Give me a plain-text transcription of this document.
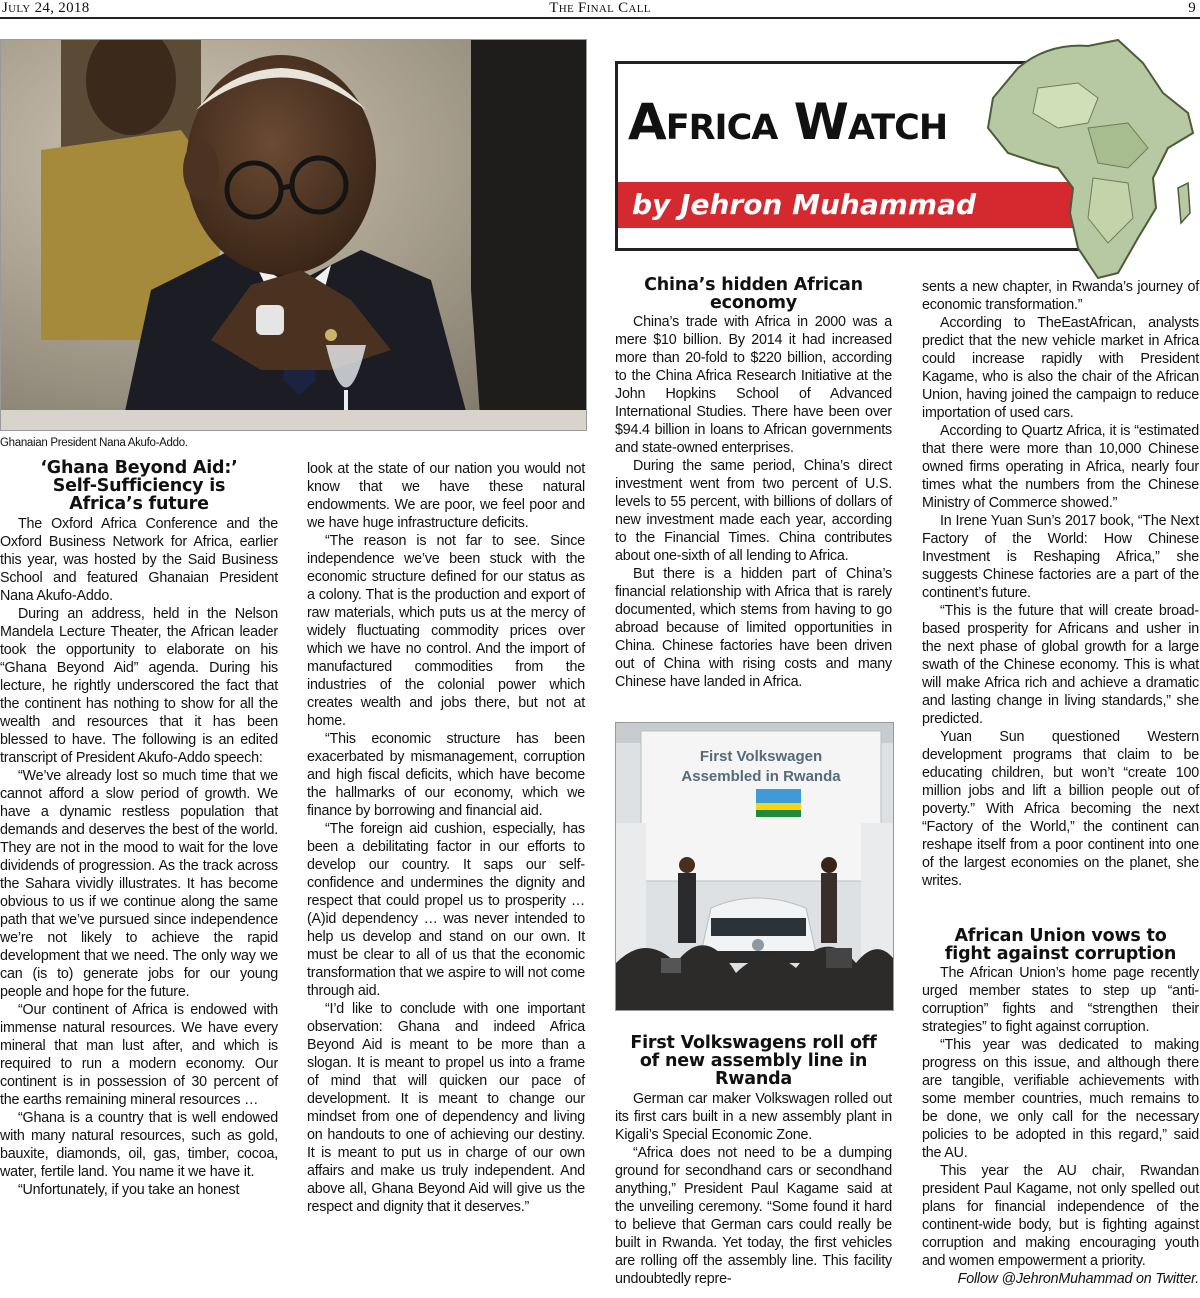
July 24, 2018	The Final Call	9
Ghanaian President Nana Akufo-Addo.
Africa Watch
by Jehron Muhammad
‘Ghana Beyond Aid:’ Self-Sufficiency is Africa’s future

The Oxford Africa Conference and the Oxford Business Network for Africa, earlier this year, was hosted by the Said Business School and featured Ghanaian President Nana Akufo-Addo.

During an address, held in the Nelson Mandela Lecture Theater, the African leader took the opportunity to elaborate on his “Ghana Beyond Aid” agenda. During his lecture, he rightly underscored the fact that the continent has nothing to show for all the wealth and resources that it has been blessed to have. The following is an edited transcript of President Akufo-Addo speech:

“We’ve already lost so much time that we cannot afford a slow period of growth. We have a dynamic restless population that demands and deserves the best of the world. They are not in the mood to wait for the love dividends of progression. As the track across the Sahara vividly illustrates. It has become obvious to us if we continue along the same path that we’ve pursued since independence we’re not likely to achieve the rapid development that we need. The only way we can (is to) generate jobs for our young people and hope for the future.

“Our continent of Africa is endowed with immense natural resources. We have every mineral that man lust after, and which is required to run a modern economy. Our continent is in possession of 30 percent of the earths remaining mineral resources …

“Ghana is a country that is well endowed with many natural resources, such as gold, bauxite, diamonds, oil, gas, timber, cocoa, water, fertile land. You name it we have it.

“Unfortunately, if you take an honest

look at the state of our nation you would not know that we have these natural endowments. We are poor, we feel poor and we have huge infrastructure deficits.

“The reason is not far to see. Since independence we’ve been stuck with the economic structure defined for our status as a colony. That is the production and export of raw materials, which puts us at the mercy of widely fluctuating commodity prices over which we have no control. And the import of manufactured commodities from the industries of the colonial power which creates wealth and jobs there, but not at home.

“This economic structure has been exacerbated by mismanagement, corruption and high fiscal deficits, which have become the hallmarks of our economy, which we finance by borrowing and financial aid.

“The foreign aid cushion, especially, has been a debilitating factor in our efforts to develop our country. It saps our self-confidence and undermines the dignity and respect that could propel us to prosperity … (A)id dependency … was never intended to help us develop and stand on our own. It must be clear to all of us that the economic transformation that we aspire to will not come through aid.

“I’d like to conclude with one important observation: Ghana and indeed Africa Beyond Aid is meant to be more than a slogan. It is meant to propel us into a frame of mind that will quicken our pace of development. It is meant to change our mindset from one of dependency and living on handouts to one of achieving our destiny. It is meant to put us in charge of our own affairs and make us truly independent. And above all, Ghana Beyond Aid will give us the respect and dignity that it deserves.”

China’s hidden African economy

China’s trade with Africa in 2000 was a mere $10 billion. By 2014 it had increased more than 20-fold to $220 billion, according to the China Africa Research Initiative at the John Hopkins School of Advanced International Studies. There have been over $94.4 billion in loans to African governments and state-owned enterprises.

During the same period, China’s direct investment went from two percent of U.S. levels to 55 percent, with billions of dollars of new investment made each year, according to the Financial Times. China contributes about one-sixth of all lending to Africa.

But there is a hidden part of China’s financial relationship with Africa that is rarely documented, which stems from having to go abroad because of limited opportunities in China. Chinese factories have been driven out of China with rising costs and many Chinese have landed in Africa.

First Volkswagen
Assembled in Rwanda
First Volkswagens roll off of new assembly line in Rwanda

German car maker Volkswagen rolled out its first cars built in a new assembly plant in Kigali’s Special Economic Zone.

“Africa does not need to be a dumping ground for secondhand cars or secondhand anything,” President Paul Kagame said at the unveiling ceremony. “Some found it hard to believe that German cars could really be built in Rwanda. Yet today, the first vehicles are rolling off the assembly line. This facility undoubtedly repre-

sents a new chapter, in Rwanda’s journey of economic transformation.”

According to TheEastAfrican, analysts predict that the new vehicle market in Africa could increase rapidly with President Kagame, who is also the chair of the African Union, having joined the campaign to reduce importation of used cars.

According to Quartz Africa, it is “estimated that there were more than 10,000 Chinese owned firms operating in Africa, nearly four times what the numbers from the Chinese Ministry of Commerce showed.”

In Irene Yuan Sun’s 2017 book, “The Next Factory of the World: How Chinese Investment is Reshaping Africa,” she suggests Chinese factories are a part of the continent’s future.

“This is the future that will create broad-based prosperity for Africans and usher in the next phase of global growth for a large swath of the Chinese economy. This is what will make Africa rich and achieve a dramatic and lasting change in living standards,” she predicted.

Yuan Sun questioned Western development programs that claim to be educating children, but won’t “create 100 million jobs and lift a billion people out of poverty.” With Africa becoming the next “Factory of the World,” the continent can reshape itself from a poor continent into one of the largest economies on the planet, she writes.

African Union vows to fight against corruption

The African Union’s home page recently urged member states to step up “anti-corruption” fights and “strengthen their strategies” to fight against corruption.

“This year was dedicated to making progress on this issue, and although there are tangible, verifiable achievements with some member countries, much remains to be done, we only call for the necessary policies to be adopted in this regard,” said the AU.

This year the AU chair, Rwandan president Paul Kagame, not only spelled out plans for financial independence of the continent-wide body, but is fighting against corruption and making encouraging youth and women empowerment a priority.

Follow @JehronMuhammad on Twitter.
